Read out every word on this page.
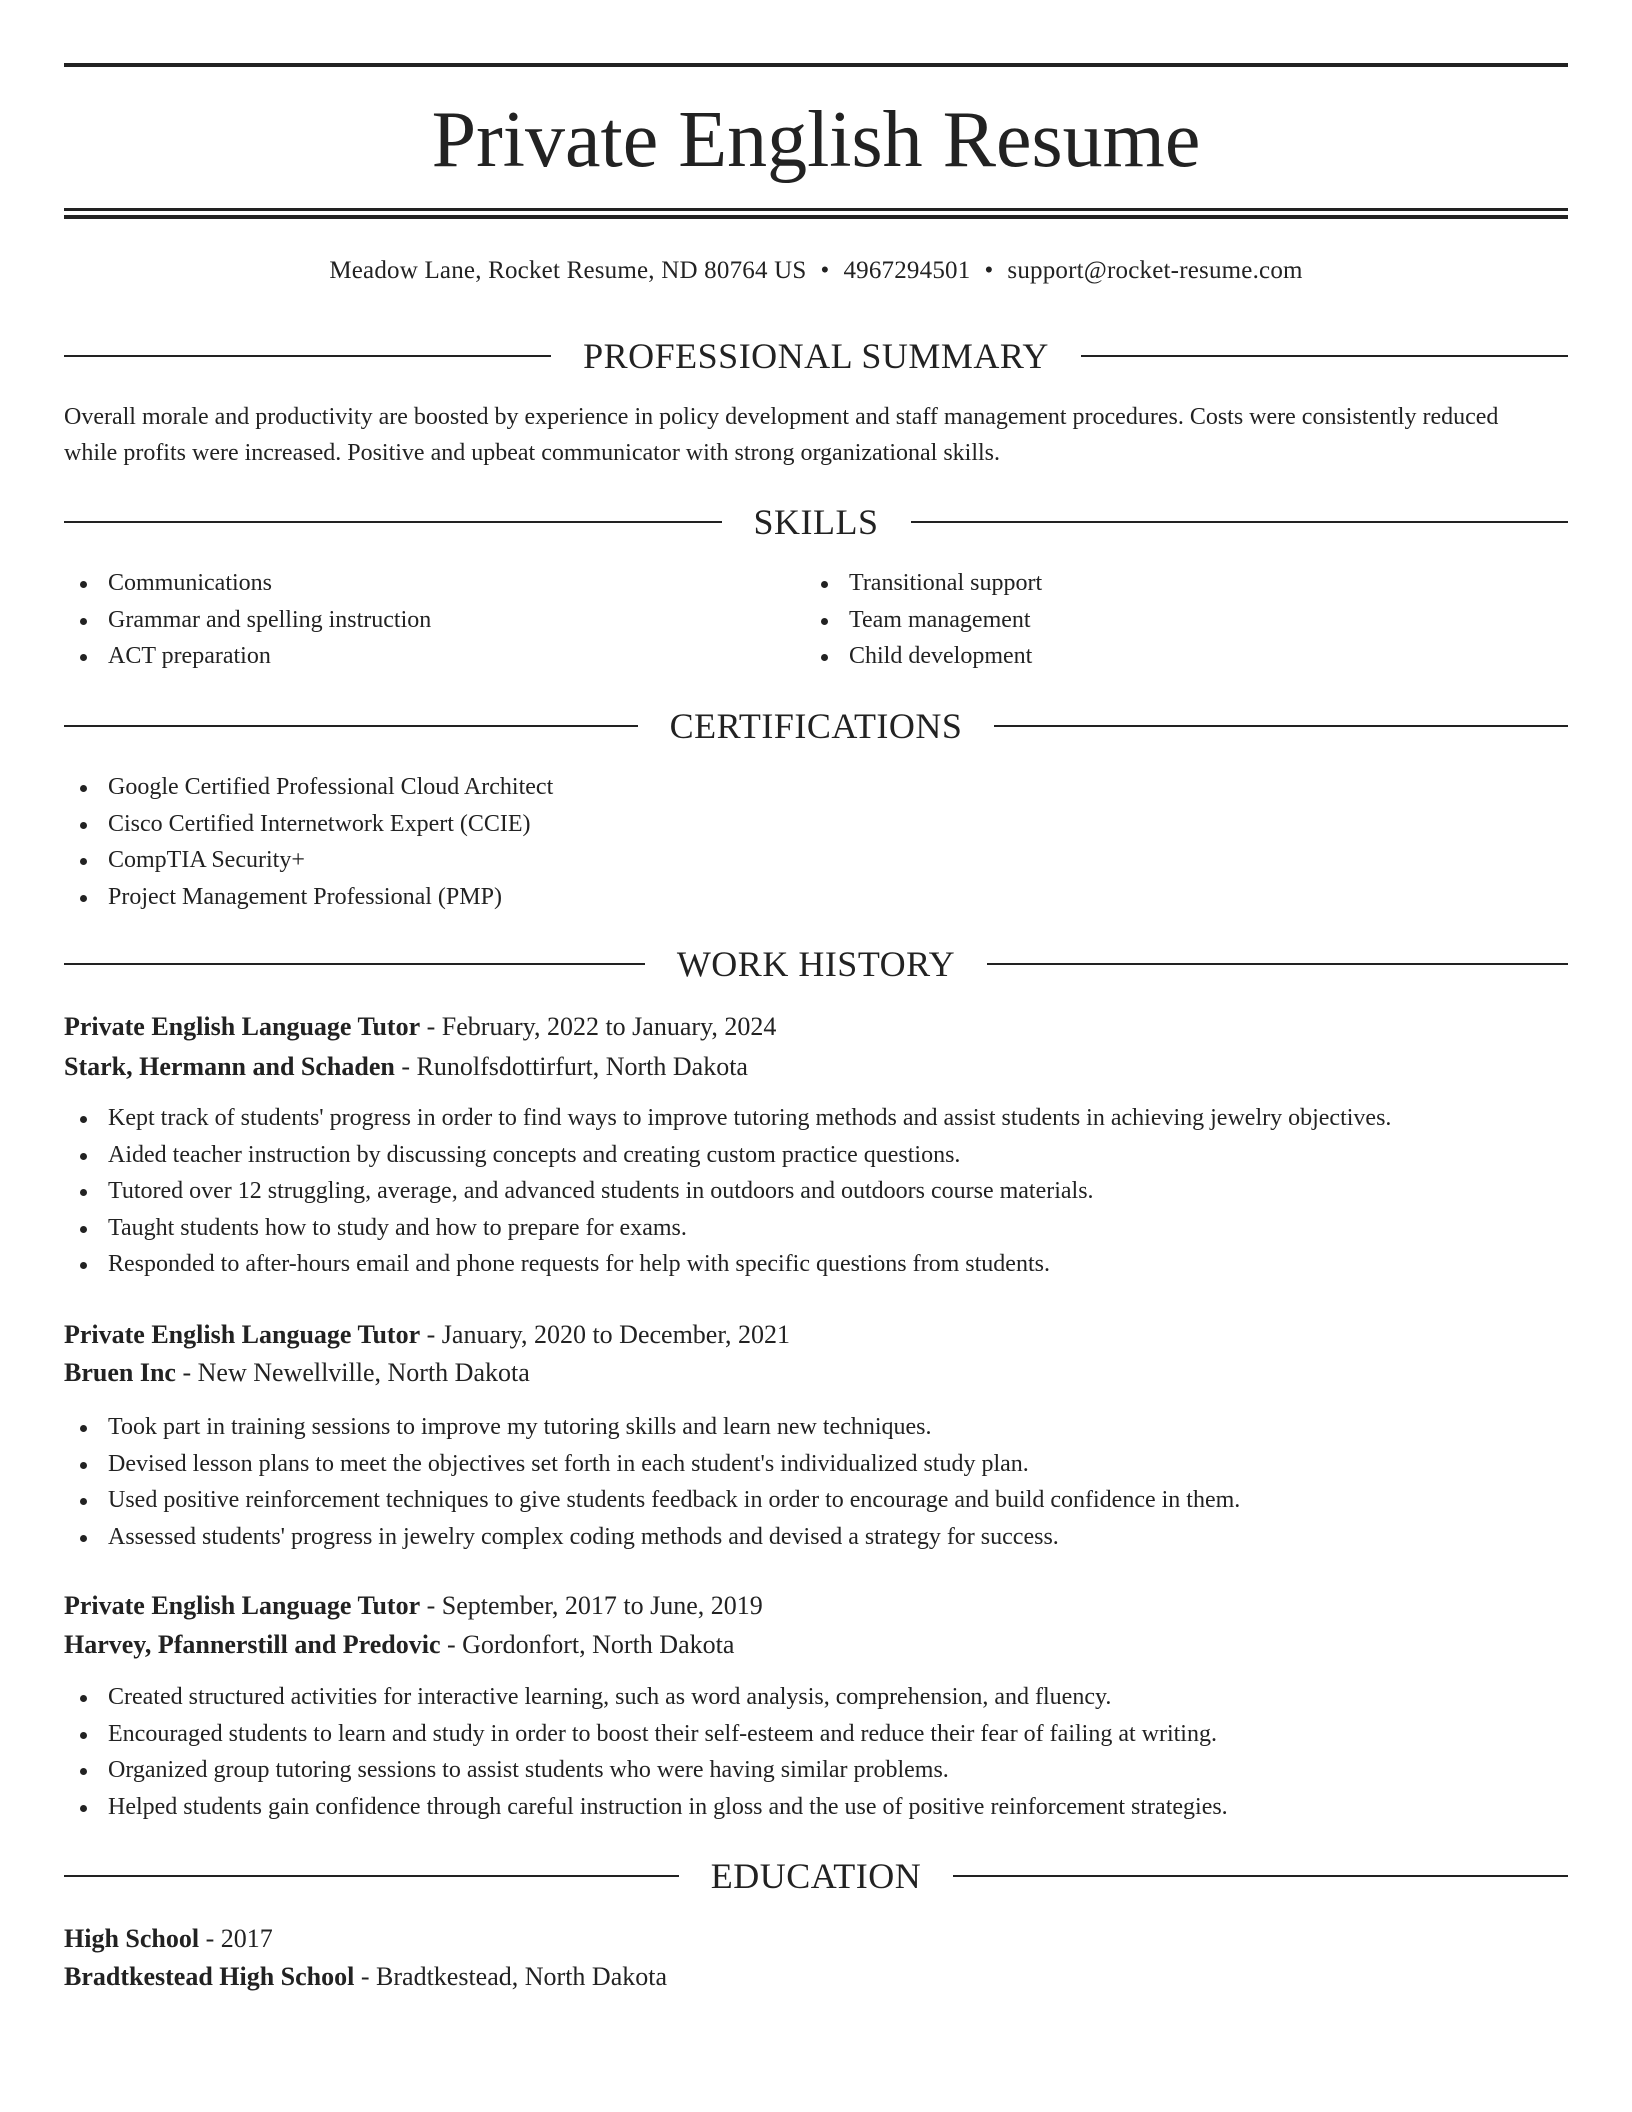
Private English Resume
Meadow Lane, Rocket Resume, ND 80764 US • 4967294501 • support@rocket-resume.com
PROFESSIONAL SUMMARY
Overall morale and productivity are boosted by experience in policy development and staff management procedures. Costs were consistently reduced
while profits were increased. Positive and upbeat communicator with strong organizational skills.
SKILLS
Communications
Grammar and spelling instruction
ACT preparation
Transitional support
Team management
Child development
CERTIFICATIONS
Google Certified Professional Cloud Architect
Cisco Certified Internetwork Expert (CCIE)
CompTIA Security+
Project Management Professional (PMP)
WORK HISTORY
Private English Language Tutor - February, 2022 to January, 2024
Stark, Hermann and Schaden - Runolfsdottirfurt, North Dakota
Kept track of students' progress in order to find ways to improve tutoring methods and assist students in achieving jewelry objectives.
Aided teacher instruction by discussing concepts and creating custom practice questions.
Tutored over 12 struggling, average, and advanced students in outdoors and outdoors course materials.
Taught students how to study and how to prepare for exams.
Responded to after-hours email and phone requests for help with specific questions from students.
Private English Language Tutor - January, 2020 to December, 2021
Bruen Inc - New Newellville, North Dakota
Took part in training sessions to improve my tutoring skills and learn new techniques.
Devised lesson plans to meet the objectives set forth in each student's individualized study plan.
Used positive reinforcement techniques to give students feedback in order to encourage and build confidence in them.
Assessed students' progress in jewelry complex coding methods and devised a strategy for success.
Private English Language Tutor - September, 2017 to June, 2019
Harvey, Pfannerstill and Predovic - Gordonfort, North Dakota
Created structured activities for interactive learning, such as word analysis, comprehension, and fluency.
Encouraged students to learn and study in order to boost their self-esteem and reduce their fear of failing at writing.
Organized group tutoring sessions to assist students who were having similar problems.
Helped students gain confidence through careful instruction in gloss and the use of positive reinforcement strategies.
EDUCATION
High School - 2017
Bradtkestead High School - Bradtkestead, North Dakota
